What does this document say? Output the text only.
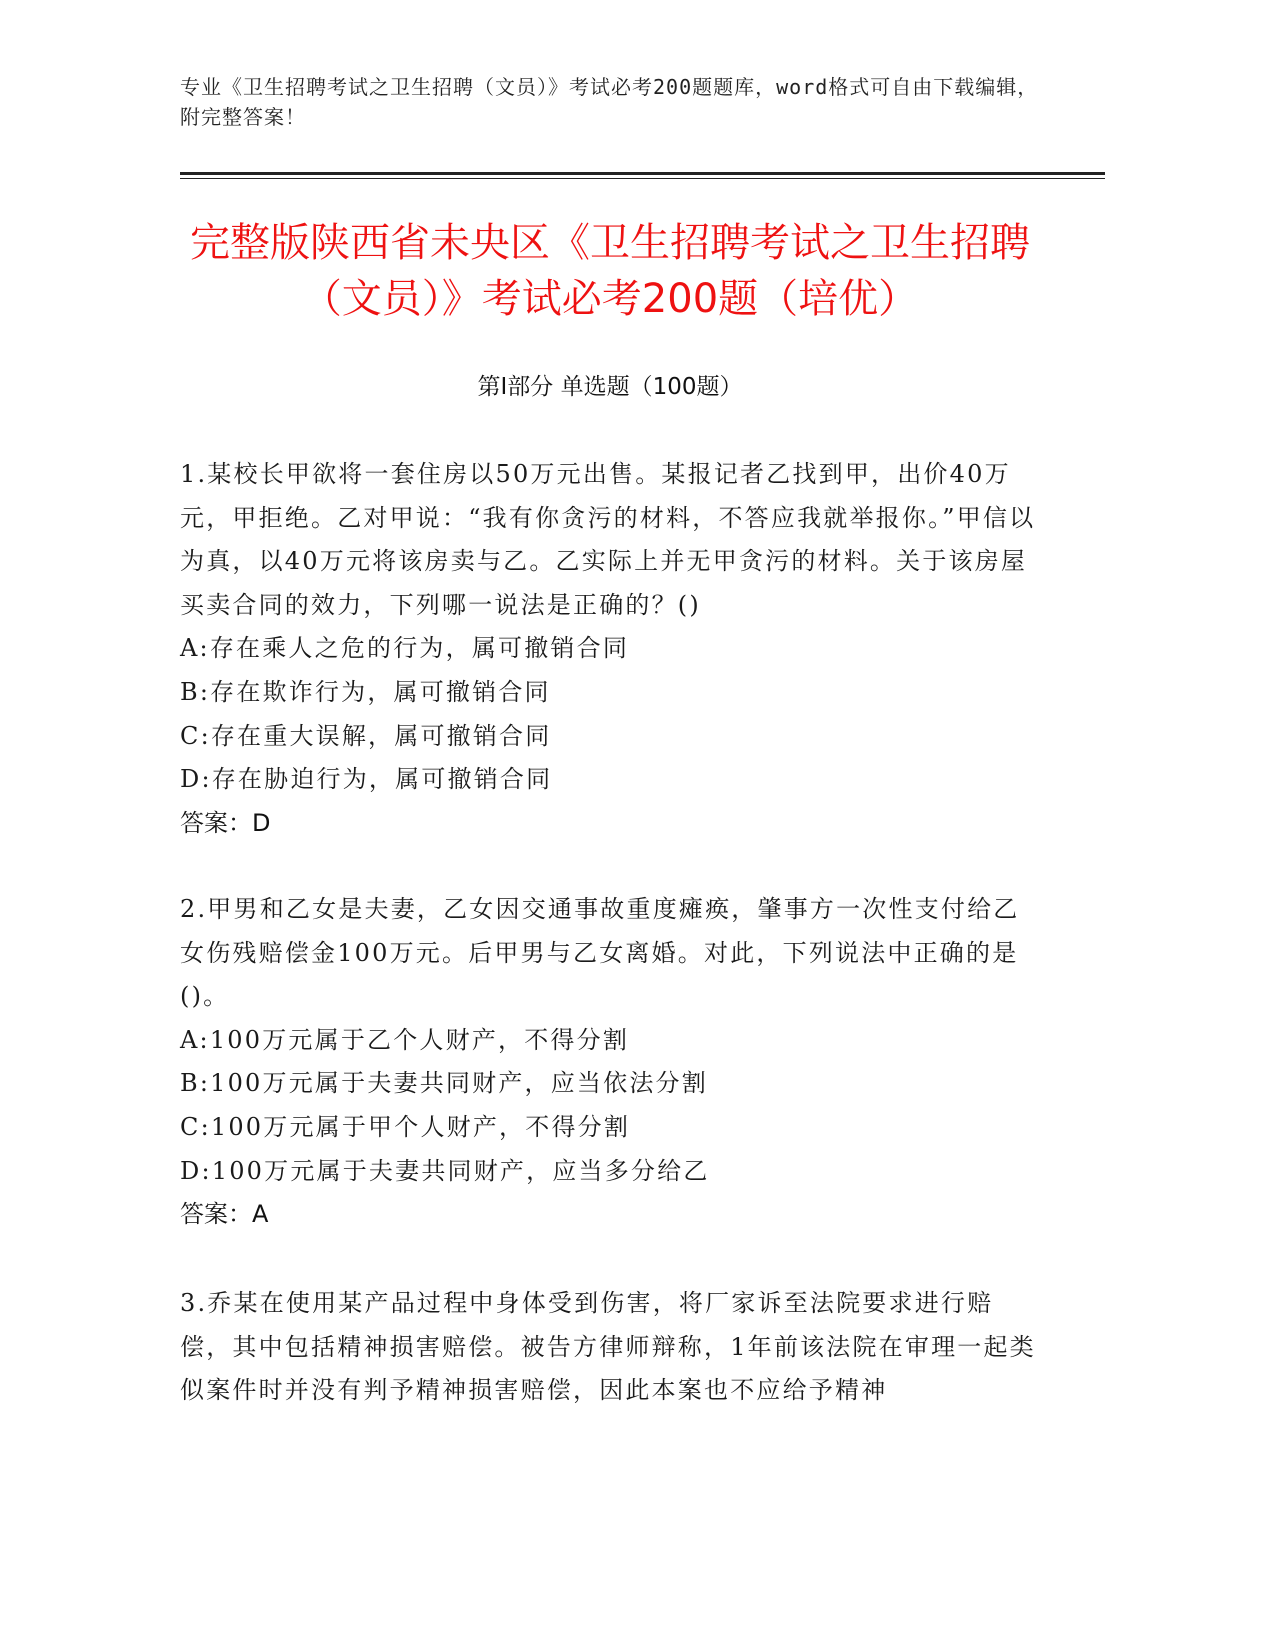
专业《卫生招聘考试之卫生招聘（文员）》考试必考200题题库，word格式可自由下载编辑，附完整答案！
完整版陕西省未央区《卫生招聘考试之卫生招聘（文员）》考试必考200题（培优）
第Ⅰ部分 单选题（100题）
1.某校长甲欲将一套住房以50万元出售。某报记者乙找到甲，出价40万元，甲拒绝。乙对甲说：“我有你贪污的材料，不答应我就举报你。”甲信以为真，以40万元将该房卖与乙。乙实际上并无甲贪污的材料。关于该房屋买卖合同的效力，下列哪一说法是正确的？()
A:存在乘人之危的行为，属可撤销合同
B:存在欺诈行为，属可撤销合同
C:存在重大误解，属可撤销合同
D:存在胁迫行为，属可撤销合同
答案：D
2.甲男和乙女是夫妻，乙女因交通事故重度瘫痪，肇事方一次性支付给乙女伤残赔偿金100万元。后甲男与乙女离婚。对此，下列说法中正确的是()。
A:100万元属于乙个人财产，不得分割
B:100万元属于夫妻共同财产，应当依法分割
C:100万元属于甲个人财产，不得分割
D:100万元属于夫妻共同财产，应当多分给乙
答案：A
3.乔某在使用某产品过程中身体受到伤害，将厂家诉至法院要求进行赔偿，其中包括精神损害赔偿。被告方律师辩称，1年前该法院在审理一起类似案件时并没有判予精神损害赔偿，因此本案也不应给予精神
